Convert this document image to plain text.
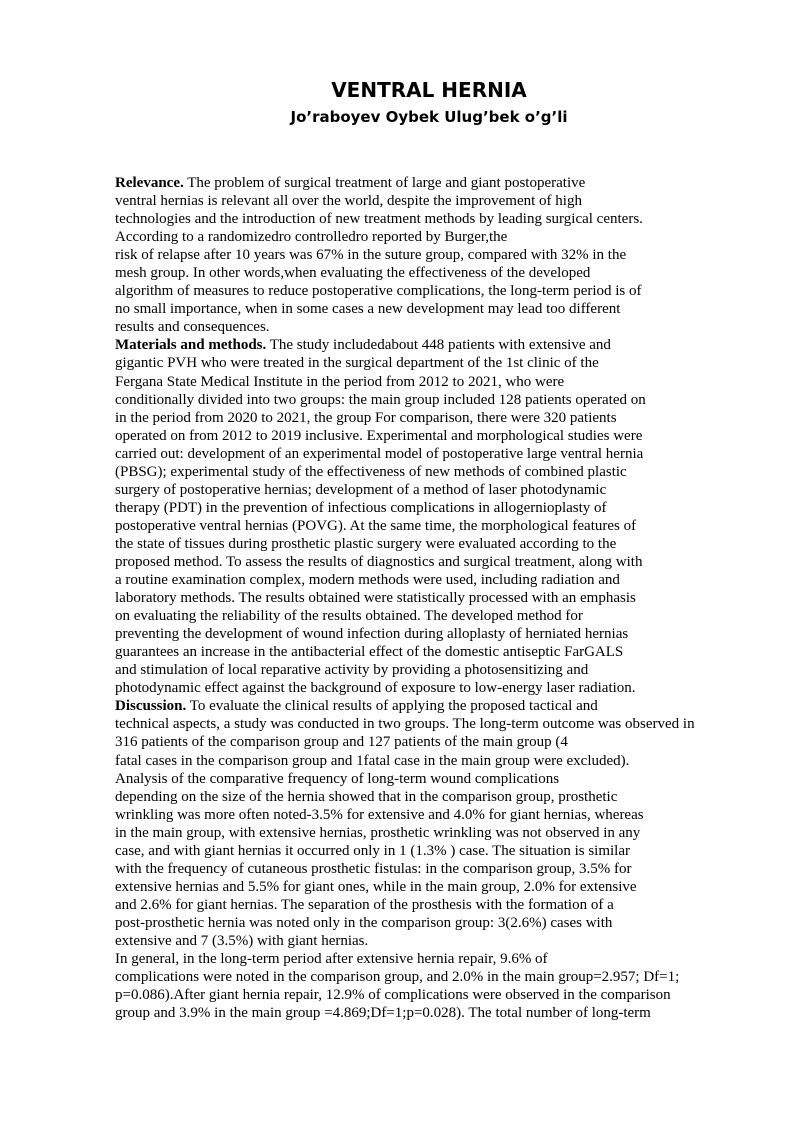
VENTRAL HERNIA
Jo’raboyev Oybek Ulug’bek o’g’li
Relevance. The problem of surgical treatment of large and giant postoperative
ventral hernias is relevant all over the world, despite the improvement of high
technologies and the introduction of new treatment methods by leading surgical centers.
According to a randomizedro controlledro reported by Burger,the
risk of relapse after 10 years was 67% in the suture group, compared with 32% in the
mesh group. In other words,when evaluating the effectiveness of the developed
algorithm of measures to reduce postoperative complications, the long-term period is of
no small importance, when in some cases a new development may lead too different
results and consequences.
Materials and methods. The study includedabout 448 patients with extensive and
gigantic PVH who were treated in the surgical department of the 1st clinic of the
Fergana State Medical Institute in the period from 2012 to 2021, who were
conditionally divided into two groups: the main group included 128 patients operated on
in the period from 2020 to 2021, the group For comparison, there were 320 patients
operated on from 2012 to 2019 inclusive. Experimental and morphological studies were
carried out: development of an experimental model of postoperative large ventral hernia
(PBSG); experimental study of the effectiveness of new methods of combined plastic
surgery of postoperative hernias; development of a method of laser photodynamic
therapy (PDT) in the prevention of infectious complications in allogernioplasty of
postoperative ventral hernias (POVG). At the same time, the morphological features of
the state of tissues during prosthetic plastic surgery were evaluated according to the
proposed method. To assess the results of diagnostics and surgical treatment, along with
a routine examination complex, modern methods were used, including radiation and
laboratory methods. The results obtained were statistically processed with an emphasis
on evaluating the reliability of the results obtained. The developed method for
preventing the development of wound infection during alloplasty of herniated hernias
guarantees an increase in the antibacterial effect of the domestic antiseptic FarGALS
and stimulation of local reparative activity by providing a photosensitizing and
photodynamic effect against the background of exposure to low-energy laser radiation.
Discussion. To evaluate the clinical results of applying the proposed tactical and
technical aspects, a study was conducted in two groups. The long-term outcome was observed in
316 patients of the comparison group and 127 patients of the main group (4
fatal cases in the comparison group and 1fatal case in the main group were excluded).
Analysis of the comparative frequency of long-term wound complications
depending on the size of the hernia showed that in the comparison group, prosthetic
wrinkling was more often noted-3.5% for extensive and 4.0% for giant hernias, whereas
in the main group, with extensive hernias, prosthetic wrinkling was not observed in any
case, and with giant hernias it occurred only in 1 (1.3% ) case. The situation is similar
with the frequency of cutaneous prosthetic fistulas: in the comparison group, 3.5% for
extensive hernias and 5.5% for giant ones, while in the main group, 2.0% for extensive
and 2.6% for giant hernias. The separation of the prosthesis with the formation of a
post-prosthetic hernia was noted only in the comparison group: 3(2.6%) cases with
extensive and 7 (3.5%) with giant hernias.
In general, in the long-term period after extensive hernia repair, 9.6% of
complications were noted in the comparison group, and 2.0% in the main group=2.957; Df=1;
p=0.086).After giant hernia repair, 12.9% of complications were observed in the comparison
group and 3.9% in the main group =4.869;Df=1;p=0.028). The total number of long-term
